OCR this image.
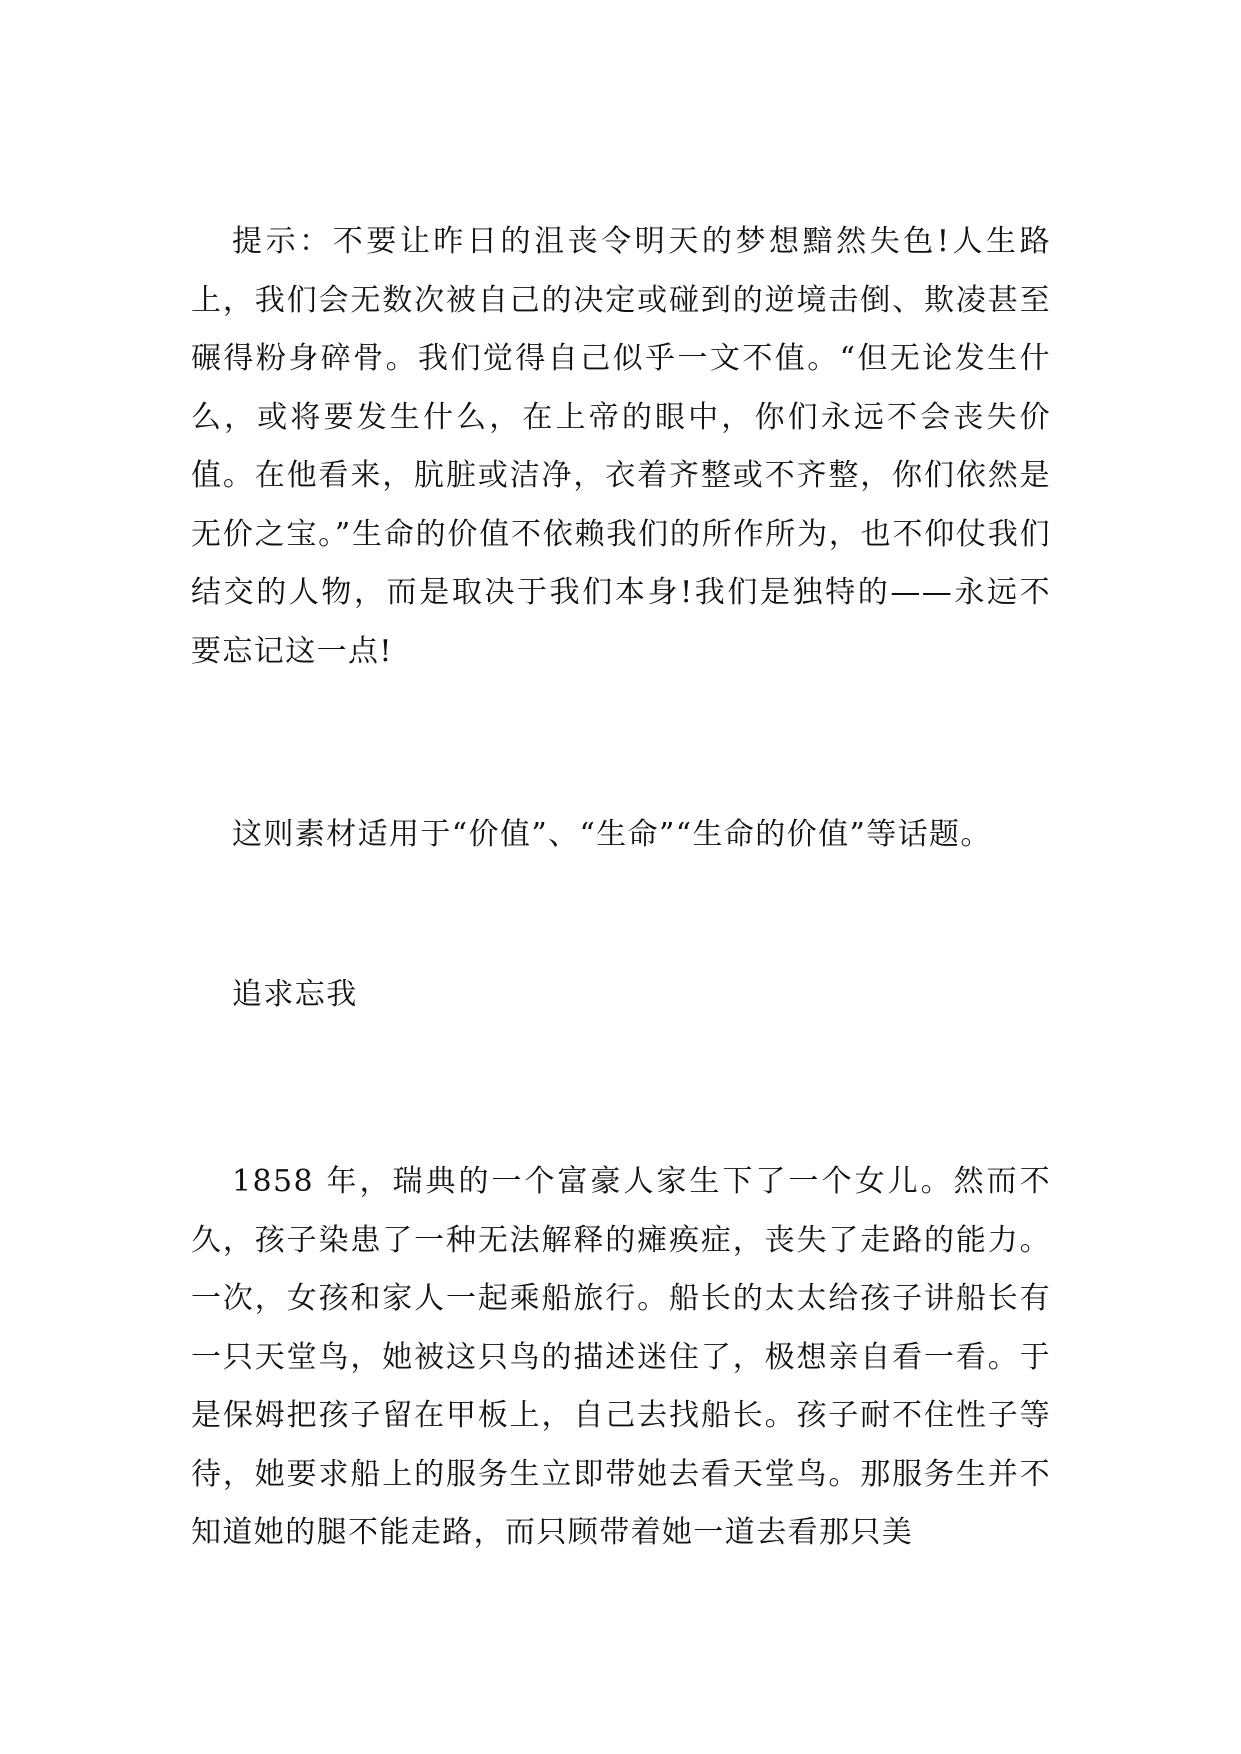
提示：不要让昨日的沮丧令明天的梦想黯然失色!人生路上，我们会无数次被自己的决定或碰到的逆境击倒、欺凌甚至碾得粉身碎骨。我们觉得自己似乎一文不值。“但无论发生什么，或将要发生什么，在上帝的眼中，你们永远不会丧失价值。在他看来，肮脏或洁净，衣着齐整或不齐整，你们依然是无价之宝。”生命的价值不依赖我们的所作所为，也不仰仗我们结交的人物，而是取决于我们本身!我们是独特的——永远不要忘记这一点!

这则素材适用于“价值”、“生命”“生命的价值”等话题。

追求忘我

1858 年，瑞典的一个富豪人家生下了一个女儿。然而不久，孩子染患了一种无法解释的瘫痪症，丧失了走路的能力。一次，女孩和家人一起乘船旅行。船长的太太给孩子讲船长有一只天堂鸟，她被这只鸟的描述迷住了，极想亲自看一看。于是保姆把孩子留在甲板上，自己去找船长。孩子耐不住性子等待，她要求船上的服务生立即带她去看天堂鸟。那服务生并不知道她的腿不能走路，而只顾带着她一道去看那只美
